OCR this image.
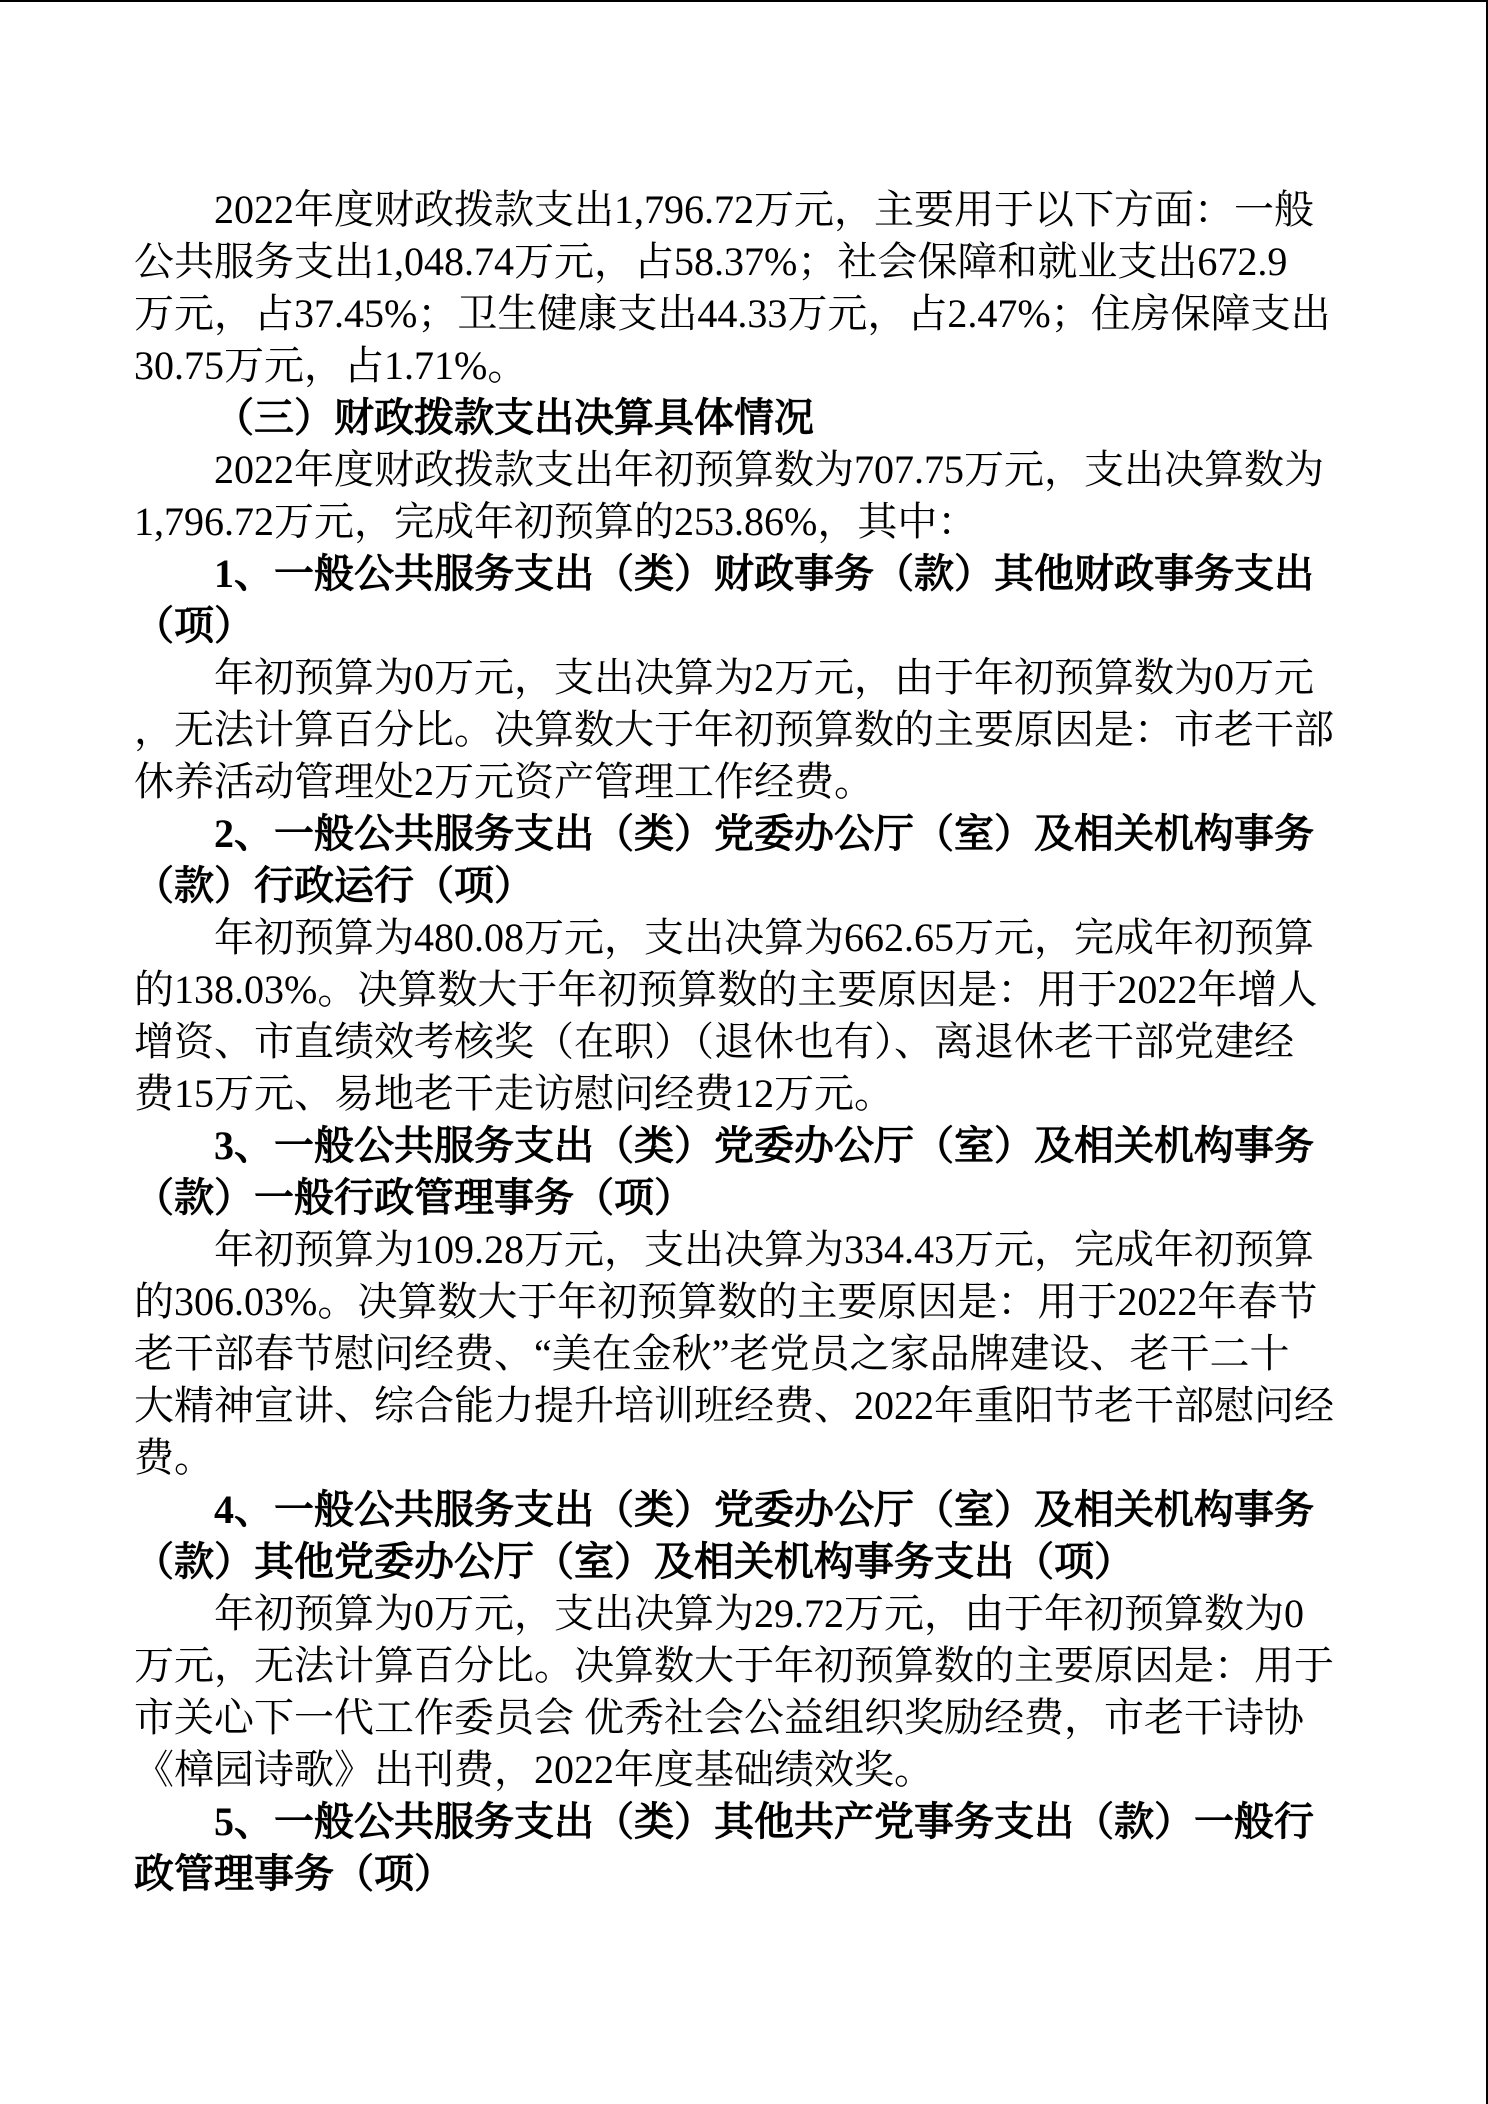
2022年度财政拨款支出1,796.72万元，主要用于以下方面：一般
公共服务支出1,048.74万元，占58.37%；社会保障和就业支出672.9
万元，占37.45%；卫生健康支出44.33万元，占2.47%；住房保障支出
30.75万元，占1.71%。
（三）财政拨款支出决算具体情况
2022年度财政拨款支出年初预算数为707.75万元，支出决算数为
1,796.72万元，完成年初预算的253.86%，其中：
1、一般公共服务支出（类）财政事务（款）其他财政事务支出
（项）
年初预算为0万元，支出决算为2万元，由于年初预算数为0万元
，无法计算百分比。决算数大于年初预算数的主要原因是：市老干部
休养活动管理处2万元资产管理工作经费。
2、一般公共服务支出（类）党委办公厅（室）及相关机构事务
（款）行政运行（项）
年初预算为480.08万元，支出决算为662.65万元，完成年初预算
的138.03%。决算数大于年初预算数的主要原因是：用于2022年增人
增资、市直绩效考核奖（在职）（退休也有）、离退休老干部党建经
费15万元、易地老干走访慰问经费12万元。
3、一般公共服务支出（类）党委办公厅（室）及相关机构事务
（款）一般行政管理事务（项）
年初预算为109.28万元，支出决算为334.43万元，完成年初预算
的306.03%。决算数大于年初预算数的主要原因是：用于2022年春节
老干部春节慰问经费、“美在金秋”老党员之家品牌建设、老干二十
大精神宣讲、综合能力提升培训班经费、2022年重阳节老干部慰问经
费。
4、一般公共服务支出（类）党委办公厅（室）及相关机构事务
（款）其他党委办公厅（室）及相关机构事务支出（项）
年初预算为0万元，支出决算为29.72万元，由于年初预算数为0
万元，无法计算百分比。决算数大于年初预算数的主要原因是：用于
市关心下一代工作委员会 优秀社会公益组织奖励经费，市老干诗协
《樟园诗歌》出刊费，2022年度基础绩效奖。
5、一般公共服务支出（类）其他共产党事务支出（款）一般行
政管理事务（项）
